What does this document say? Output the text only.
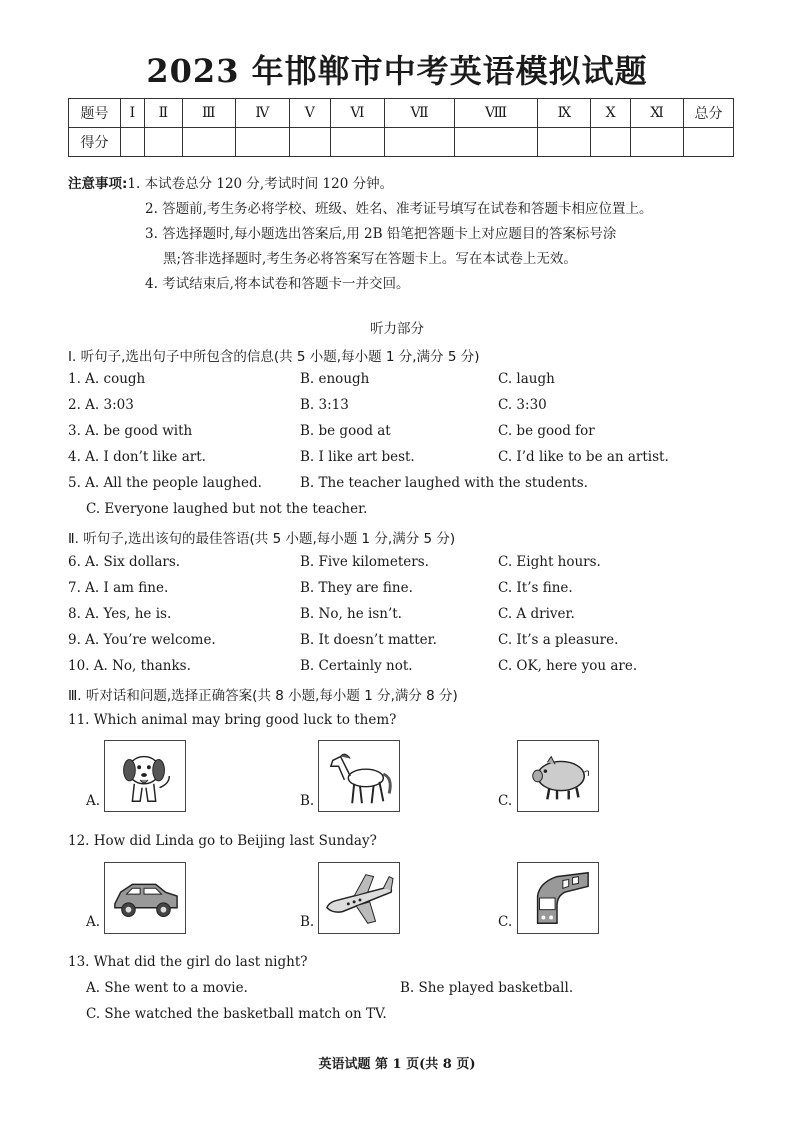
2023 年邯郸市中考英语模拟试题
题号	Ⅰ	Ⅱ	Ⅲ	Ⅳ	Ⅴ	Ⅵ	Ⅶ	Ⅷ	Ⅸ	Ⅹ	Ⅺ	总分
得分												
注意事项:1. 本试卷总分 120 分,考试时间 120 分钟。
2. 答题前,考生务必将学校、班级、姓名、准考证号填写在试卷和答题卡相应位置上。
3. 答选择题时,每小题选出答案后,用 2B 铅笔把答题卡上对应题目的答案标号涂
黑;答非选择题时,考生务必将答案写在答题卡上。写在本试卷上无效。
4. 考试结束后,将本试卷和答题卡一并交回。
听力部分
Ⅰ. 听句子,选出句子中所包含的信息(共 5 小题,每小题 1 分,满分 5 分)
1. A. cough	B. enough	C. laugh
2. A. 3:03	B. 3:13	C. 3:30
3. A. be good with	B. be good at	C. be good for
4. A. I don’t like art.	B. I like art best.	C. I’d like to be an artist.
5. A. All the people laughed.	B. The teacher laughed with the students.
C. Everyone laughed but not the teacher.
Ⅱ. 听句子,选出该句的最佳答语(共 5 小题,每小题 1 分,满分 5 分)
6. A. Six dollars.	B. Five kilometers.	C. Eight hours.
7. A. I am fine.	B. They are fine.	C. It’s fine.
8. A. Yes, he is.	B. No, he isn’t.	C. A driver.
9. A. You’re welcome.	B. It doesn’t matter.	C. It’s a pleasure.
10. A. No, thanks.	B. Certainly not.	C. OK, here you are.
Ⅲ. 听对话和问题,选择正确答案(共 8 小题,每小题 1 分,满分 8 分)
11. Which animal may bring good luck to them?
A.	B.	C.
12. How did Linda go to Beijing last Sunday?
A.	B.	C.
13. What did the girl do last night?
A. She went to a movie.	B. She played basketball.
C. She watched the basketball match on TV.
英语试题 第 1 页(共 8 页)
